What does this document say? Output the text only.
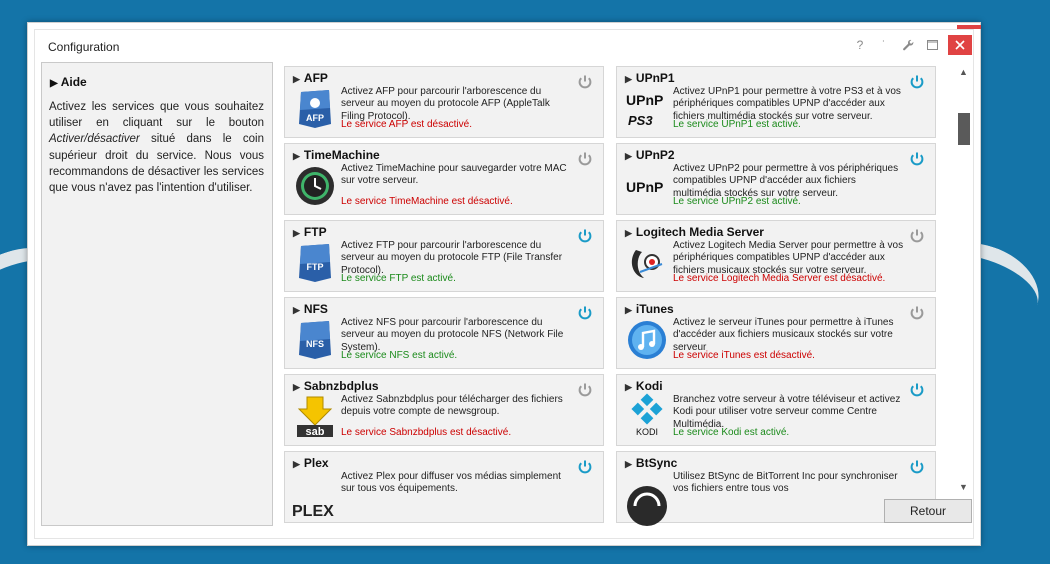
Configuration	?	˙
▶ Aide
Activez les services que vous souhaitez utiliser en cliquant sur le bouton Activer/désactiver situé dans le coin supérieur droit du service. Nous vous recommandons de désactiver les services que vous n'avez pas l'intention d'utiliser.
▶ AFP
AFP
Activez AFP pour parcourir l'arborescence du serveur au moyen du protocole AFP (AppleTalk Filing Protocol).
Le service AFP est désactivé.
▶ UPnP1
UPnP
PS3
Activez UPnP1 pour permettre à votre PS3 et à vos périphériques compatibles UPNP d'accéder aux fichiers multimédia stockés sur votre serveur.
Le service UPnP1 est activé.
▶ TimeMachine
Activez TimeMachine pour sauvegarder votre MAC sur votre serveur.
Le service TimeMachine est désactivé.
▶ UPnP2
UPnP
Activez UPnP2 pour permettre à vos périphériques compatibles UPNP d'accéder aux fichiers multimédia stockés sur votre serveur.
Le service UPnP2 est activé.
▶ FTP
FTP
Activez FTP pour parcourir l'arborescence du serveur au moyen du protocole FTP (File Transfer Protocol).
Le service FTP est activé.
▶ Logitech Media Server
Activez Logitech Media Server pour permettre à vos périphériques compatibles UPNP d'accéder aux fichiers musicaux stockés sur votre serveur.
Le service Logitech Media Server est désactivé.
▶ NFS
NFS
Activez NFS pour parcourir l'arborescence du serveur au moyen du protocole NFS (Network File System).
Le service NFS est activé.
▶ iTunes
Activez le serveur iTunes pour permettre à iTunes d'accéder aux fichiers musicaux stockés sur votre serveur
Le service iTunes est désactivé.
▶ Sabnzbdplus
sab
Activez Sabnzbdplus pour télécharger des fichiers depuis votre compte de newsgroup.
Le service Sabnzbdplus est désactivé.
▶ Kodi
KODI
Branchez votre serveur à votre téléviseur et activez Kodi pour utiliser votre serveur comme Centre Multimédia.
Le service Kodi est activé.
▶ Plex
PLEX
Activez Plex pour diffuser vos médias simplement sur tous vos équipements.
▶ BtSync
Utilisez BtSync de BitTorrent Inc pour synchroniser vos fichiers entre tous vos
▲
▼
Retour
